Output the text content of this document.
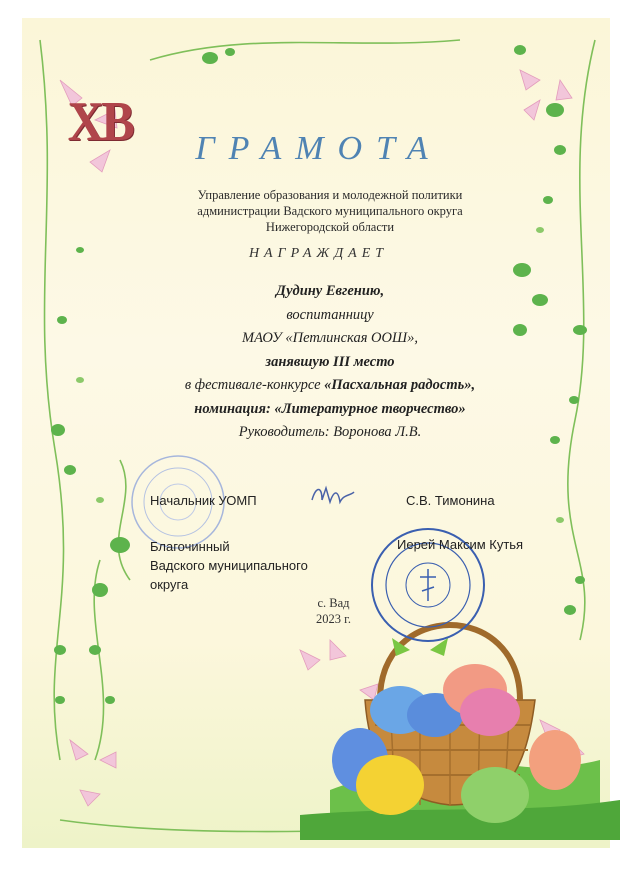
ХВ	ГРАМОТА
Управление образования и молодежной политики
администрации Вадского муниципального округа
Нижегородской области
НАГРАЖДАЕТ
Дудину Евгению,
воспитанницу
МАОУ «Петлинская ООШ»,
занявшую III место
в фестивале-конкурсе «Пасхальная радость»,
номинация: «Литературное творчество»
Руководитель: Воронова Л.В.
Начальник УОМП	С.В. Тимонина
Благочинный
Вадского муниципального
округа
Иерей Максим Кутья
с. Вад
2023 г.
